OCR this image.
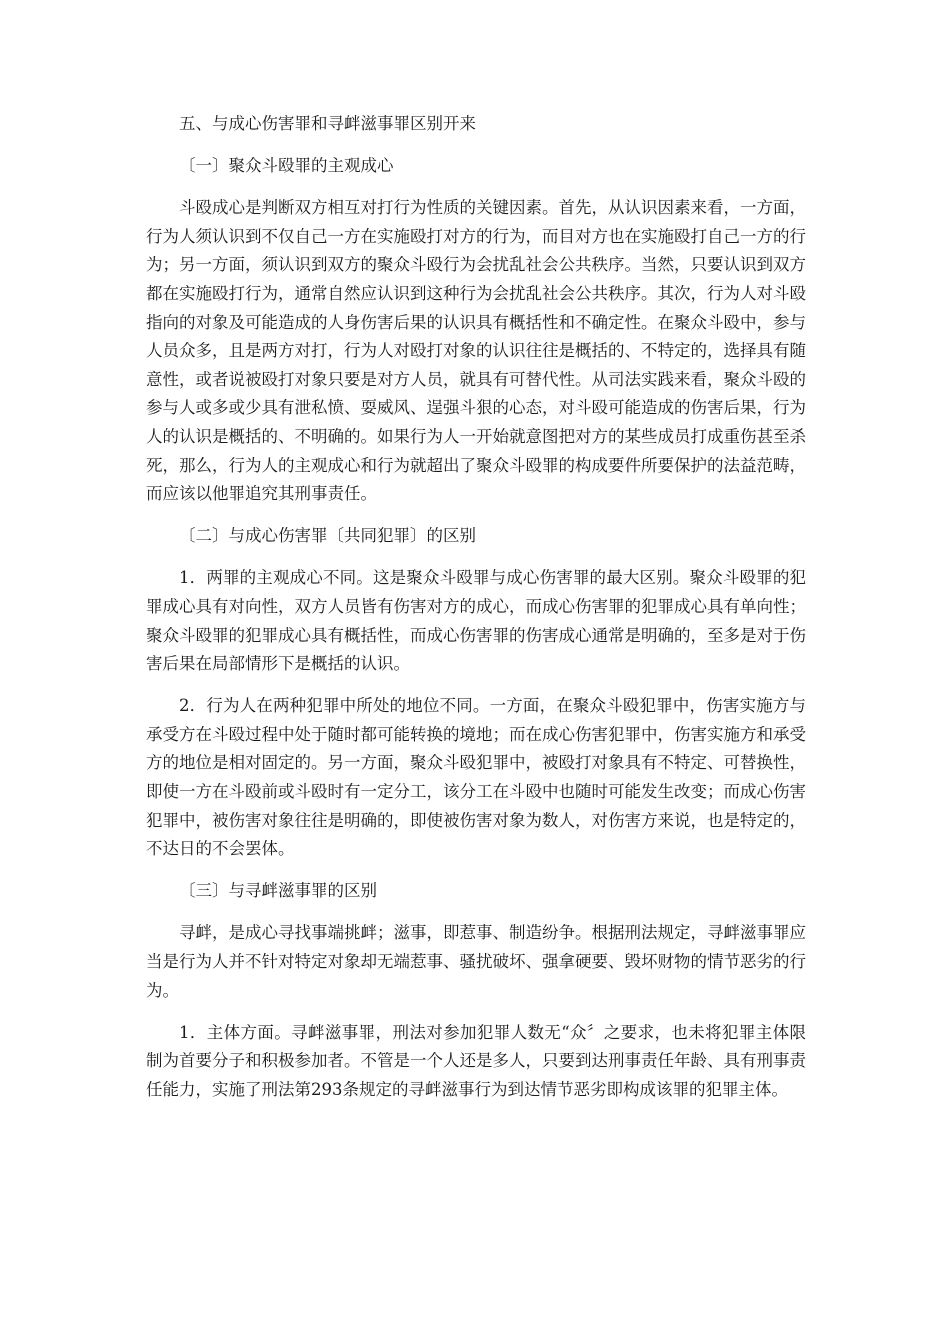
五、与成心伤害罪和寻衅滋事罪区别开来

〔一〕聚众斗殴罪的主观成心

斗殴成心是判断双方相互对打行为性质的关键因素。首先，从认识因素来看，一方面，行为人须认识到不仅自己一方在实施殴打对方的行为，而目对方也在实施殴打自己一方的行为；另一方面，须认识到双方的聚众斗殴行为会扰乱社会公共秩序。当然，只要认识到双方都在实施殴打行为，通常自然应认识到这种行为会扰乱社会公共秩序。其次，行为人对斗殴指向的对象及可能造成的人身伤害后果的认识具有概括性和不确定性。在聚众斗殴中，参与人员众多，且是两方对打，行为人对殴打对象的认识往往是概括的、不特定的，选择具有随意性，或者说被殴打对象只要是对方人员，就具有可替代性。从司法实践来看，聚众斗殴的参与人或多或少具有泄私愤、耍威风、逞强斗狠的心态，对斗殴可能造成的伤害后果，行为人的认识是概括的、不明确的。如果行为人一开始就意图把对方的某些成员打成重伤甚至杀死，那么，行为人的主观成心和行为就超出了聚众斗殴罪的构成要件所要保护的法益范畴，而应该以他罪追究其刑事责任。

〔二〕与成心伤害罪〔共同犯罪〕的区别

1．两罪的主观成心不同。这是聚众斗殴罪与成心伤害罪的最大区别。聚众斗殴罪的犯罪成心具有对向性，双方人员皆有伤害对方的成心，而成心伤害罪的犯罪成心具有单向性；聚众斗殴罪的犯罪成心具有概括性，而成心伤害罪的伤害成心通常是明确的，至多是对于伤害后果在局部情形下是概括的认识。

2．行为人在两种犯罪中所处的地位不同。一方面，在聚众斗殴犯罪中，伤害实施方与承受方在斗殴过程中处于随时都可能转换的境地；而在成心伤害犯罪中，伤害实施方和承受方的地位是相对固定的。另一方面，聚众斗殴犯罪中，被殴打对象具有不特定、可替换性，即使一方在斗殴前或斗殴时有一定分工，该分工在斗殴中也随时可能发生改变；而成心伤害犯罪中，被伤害对象往往是明确的，即使被伤害对象为数人，对伤害方来说，也是特定的，不达日的不会罢体。

〔三〕与寻衅滋事罪的区别

寻衅，是成心寻找事端挑衅；滋事，即惹事、制造纷争。根据刑法规定，寻衅滋事罪应当是行为人并不针对特定对象却无端惹事、骚扰破坏、强拿硬要、毁坏财物的情节恶劣的行为。

1．主体方面。寻衅滋事罪，刑法对参加犯罪人数无“众〞之要求，也未将犯罪主体限制为首要分子和积极参加者。不管是一个人还是多人，只要到达刑事责任年龄、具有刑事责任能力，实施了刑法第293条规定的寻衅滋事行为到达情节恶劣即构成该罪的犯罪主体。
